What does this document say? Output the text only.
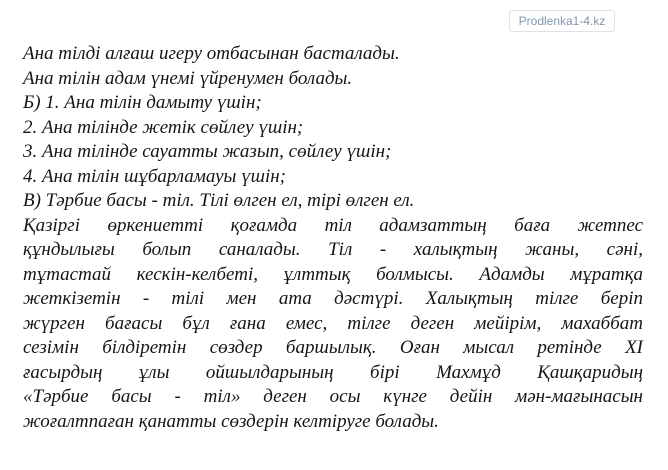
Prodlenka1-4.kz
Ана тілді алғаш игеру отбасынан басталады.
Ана тілін адам үнемі үйренумен болады.
Б) 1. Ана тілін дамыту үшін;
2. Ана тілінде жетік сөйлеу үшін;
3. Ана тілінде сауатты жазып, сөйлеу үшін;
4. Ана тілін шұбарламауы үшін;
В) Тәрбие басы - тіл. Тілі өлген ел, тірі өлген ел.
Қазіргі өркениетті қоғамда тіл адамзаттың баға жетпес
құндылығы болып саналады. Тіл - халықтың жаны, сәні,
тұтастай кескін-келбеті, ұлттық болмысы. Адамды мұратқа
жеткізетін - тілі мен ата дәстүрі. Халықтың тілге беріп
жүрген бағасы бұл ғана емес, тілге деген мейірім, махаббат
сезімін білдіретін сөздер баршылық. Оған мысал ретінде XI
ғасырдың ұлы ойшылдарының бірі Махмұд Қашқаридың
«Тәрбие басы - тіл» деген осы күнге дейін мән-мағынасын
жоғалтпаған қанатты сөздерін келтіруге болады.
